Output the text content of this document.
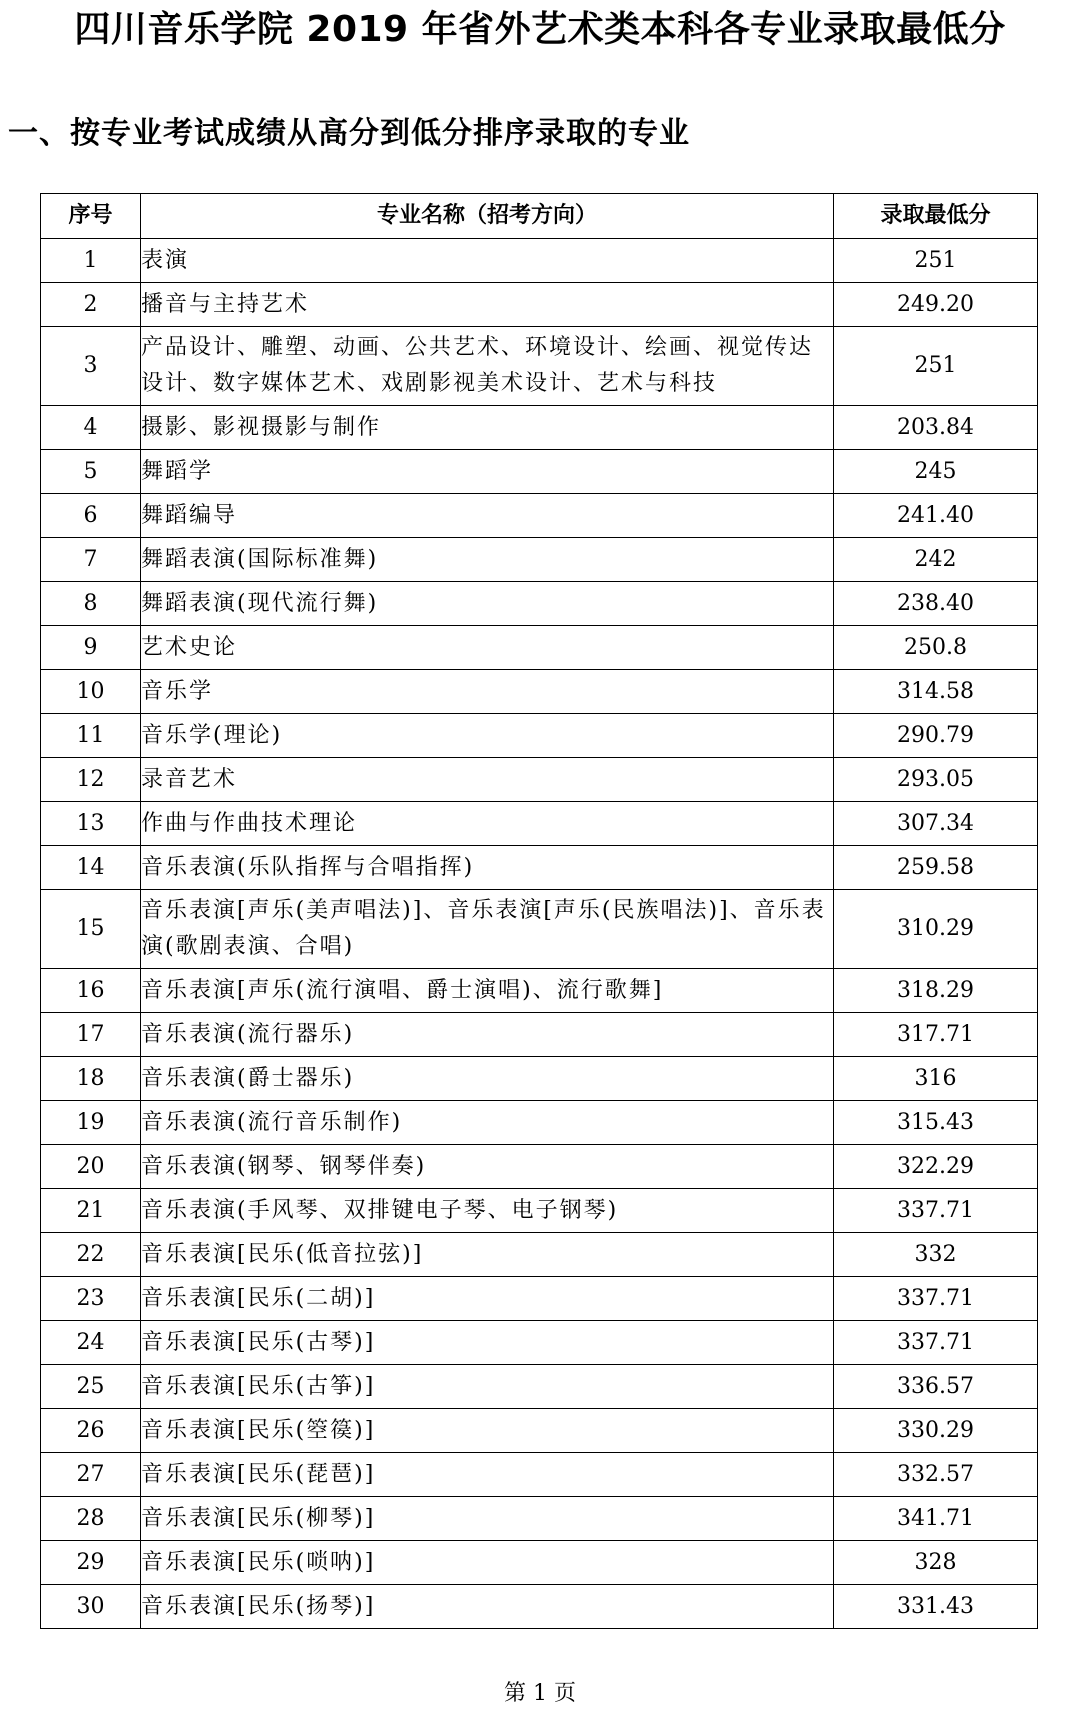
四川音乐学院 2019 年省外艺术类本科各专业录取最低分
一、按专业考试成绩从高分到低分排序录取的专业
序号	专业名称（招考方向）	录取最低分
1	表演	251
2	播音与主持艺术	249.20
3	产品设计、雕塑、动画、公共艺术、环境设计、绘画、视觉传达设计、数字媒体艺术、戏剧影视美术设计、艺术与科技	251
4	摄影、影视摄影与制作	203.84
5	舞蹈学	245
6	舞蹈编导	241.40
7	舞蹈表演(国际标准舞)	242
8	舞蹈表演(现代流行舞)	238.40
9	艺术史论	250.8
10	音乐学	314.58
11	音乐学(理论)	290.79
12	录音艺术	293.05
13	作曲与作曲技术理论	307.34
14	音乐表演(乐队指挥与合唱指挥)	259.58
15	音乐表演[声乐(美声唱法)]、音乐表演[声乐(民族唱法)]、音乐表演(歌剧表演、合唱)	310.29
16	音乐表演[声乐(流行演唱、爵士演唱)、流行歌舞]	318.29
17	音乐表演(流行器乐)	317.71
18	音乐表演(爵士器乐)	316
19	音乐表演(流行音乐制作)	315.43
20	音乐表演(钢琴、钢琴伴奏)	322.29
21	音乐表演(手风琴、双排键电子琴、电子钢琴)	337.71
22	音乐表演[民乐(低音拉弦)]	332
23	音乐表演[民乐(二胡)]	337.71
24	音乐表演[民乐(古琴)]	337.71
25	音乐表演[民乐(古筝)]	336.57
26	音乐表演[民乐(箜篌)]	330.29
27	音乐表演[民乐(琵琶)]	332.57
28	音乐表演[民乐(柳琴)]	341.71
29	音乐表演[民乐(唢呐)]	328
30	音乐表演[民乐(扬琴)]	331.43
第 1 页
